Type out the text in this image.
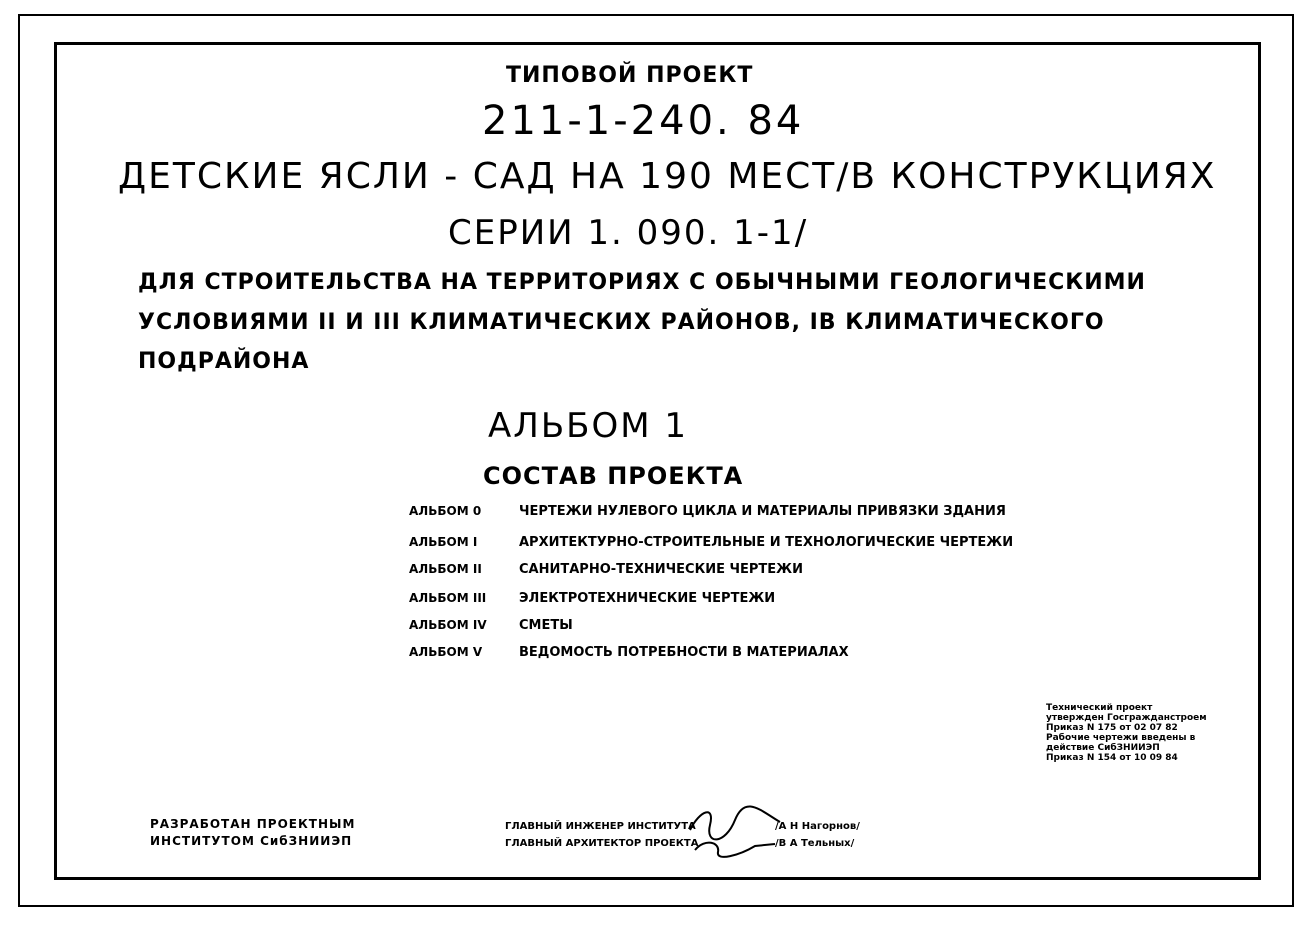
ТИПОВОЙ ПРОЕКТ
211-1-240. 84
ДЕТСКИЕ ЯСЛИ - САД НА 190 МЕСТ/В КОНСТРУКЦИЯХ
СЕРИИ 1. 090. 1-1/
ДЛЯ СТРОИТЕЛЬСТВА НА ТЕРРИТОРИЯХ С ОБЫЧНЫМИ ГЕОЛОГИЧЕСКИМИ
УСЛОВИЯМИ II И III КЛИМАТИЧЕСКИХ РАЙОНОВ, IВ КЛИМАТИЧЕСКОГО
ПОДРАЙОНА
АЛЬБОМ 1
СОСТАВ ПРОЕКТА
АЛЬБОМ 0	ЧЕРТЕЖИ НУЛЕВОГО ЦИКЛА И МАТЕРИАЛЫ ПРИВЯЗКИ ЗДАНИЯ
АЛЬБОМ I	АРХИТЕКТУРНО-СТРОИТЕЛЬНЫЕ И ТЕХНОЛОГИЧЕСКИЕ ЧЕРТЕЖИ
АЛЬБОМ II	САНИТАРНО-ТЕХНИЧЕСКИЕ ЧЕРТЕЖИ
АЛЬБОМ III	ЭЛЕКТРОТЕХНИЧЕСКИЕ ЧЕРТЕЖИ
АЛЬБОМ IV СМЕТЫ
АЛЬБОМ V	ВЕДОМОСТЬ ПОТРЕБНОСТИ В МАТЕРИАЛАХ
Технический проект
утвержден Госгражданстроем
Приказ N 175 от 02 07 82
Рабочие чертежи введены в
действие СибЗНИИЭП
Приказ N 154 от 10 09 84
РАЗРАБОТАН ПРОЕКТНЫМ
ИНСТИТУТОМ СибЗНИИЭП
ГЛАВНЫЙ ИНЖЕНЕР ИНСТИТУТА	/А Н Нагорнов/
ГЛАВНЫЙ АРХИТЕКТОР ПРОЕКТА	/В А Тельных/
